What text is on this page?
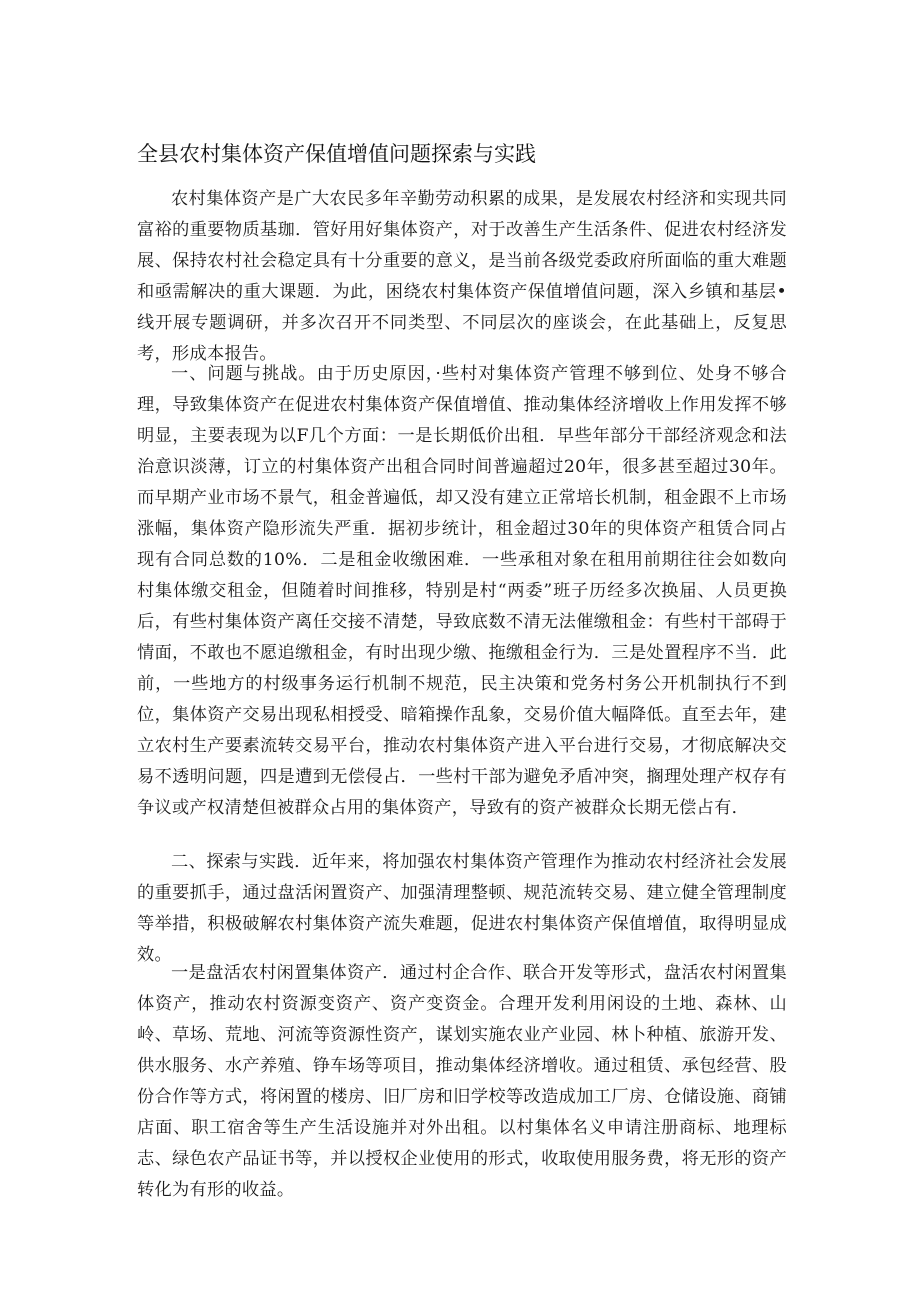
全县农村集体资产保值增值问题探索与实践

农村集体资产是广大农民多年辛勤劳动积累的成果，是发展农村经济和实现共同富裕的重要物质基珈．管好用好集体资产，对于改善生产生活条件、促进农村经济发展、保持农村社会稳定具有十分重要的意义，是当前各级党委政府所面临的重大难题和亟需解决的重大课题．为此，困绕农村集体资产保值增值问题，深入乡镇和基层•线开展专题调研，并多次召开不同类型、不同层次的座谈会，在此基础上，反复思考，形成本报告。

一、问题与挑战。由于历史原因，·些村对集体资产管理不够到位、处身不够合理，导致集体资产在促进农村集体资产保值增值、推动集体经济增收上作用发挥不够明显，主要表现为以F几个方面：一是长期低价出租．早些年部分干部经济观念和法治意识淡薄，订立的村集体资产出租合同时间普遍超过20年，很多甚至超过30年。而早期产业市场不景气，租金普遍低，却又没有建立正常培长机制，租金跟不上市场涨幅，集体资产隐形流失严重．据初步统计，租金超过30年的臾体资产租赁合同占现有合同总数的10%．二是租金收缴困难．一些承租对象在租用前期往往会如数向村集体缴交租金，但随着时间推移，特别是村“两委”班子历经多次换届、人员更换后，有些村集体资产离任交接不清楚，导致底数不清无法催缴租金：有些村干部碍于情面，不敢也不愿追缴租金，有时出现少缴、拖缴租金行为．三是处置程序不当．此前，一些地方的村级事务运行机制不规范，民主决策和党务村务公开机制执行不到位，集体资产交易出现私相授受、暗箱操作乱象，交易价值大幅降低。直至去年，建立农村生产要素流转交易平台，推动农村集体资产进入平台进行交易，才彻底解决交易不透明问题，四是遭到无偿侵占．一些村干部为避免矛盾冲突，搁理处理产权存有争议或产权清楚但被群众占用的集体资产，导致有的资产被群众长期无偿占有．

二、探索与实践．近年来，将加强农村集体资产管理作为推动农村经济社会发展的重要抓手，通过盘活闲置资产、加强清理整顿、规范流转交易、建立健全管理制度等举措，积极破解农村集体资产流失难题，促进农村集体资产保值增值，取得明显成效。

一是盘活农村闲置集体资产．通过村企合作、联合开发等形式，盘活农村闲置集体资产，推动农村资源变资产、资产变资金。合理开发利用闲设的土地、森林、山岭、草场、荒地、河流等资源性资产，谋划实施农业产业园、林卜种植、旅游开发、供水服务、水产养殖、铮车场等项目，推动集体经济增收。通过租赁、承包经营、股份合作等方式，将闲置的楼房、旧厂房和旧学校等改造成加工厂房、仓储设施、商铺店面、职工宿舍等生产生活设施并对外出租。以村集体名义申请注册商标、地理标志、绿色农产品证书等，并以授权企业使用的形式，收取使用服务费，将无形的资产转化为有形的收益。
